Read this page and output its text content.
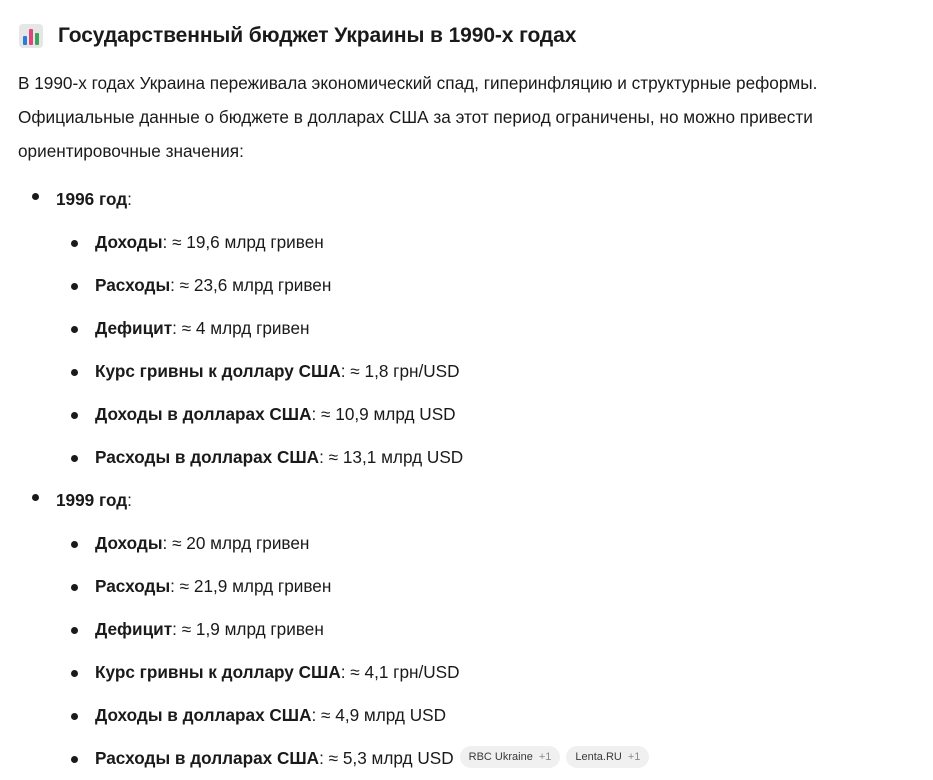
Государственный бюджет Украины в 1990-х годах

В 1990-х годах Украина переживала экономический спад, гиперинфляцию и структурные реформы.
Официальные данные о бюджете в долларах США за этот период ограничены, но можно привести
ориентировочные значения:

1996 год:
Доходы: ≈ 19,6 млрд гривен
Расходы: ≈ 23,6 млрд гривен
Дефицит: ≈ 4 млрд гривен
Курс гривны к доллару США: ≈ 1,8 грн/USD
Доходы в долларах США: ≈ 10,9 млрд USD
Расходы в долларах США: ≈ 13,1 млрд USD
1999 год:
Доходы: ≈ 20 млрд гривен
Расходы: ≈ 21,9 млрд гривен
Дефицит: ≈ 1,9 млрд гривен
Курс гривны к доллару США: ≈ 4,1 грн/USD
Доходы в долларах США: ≈ 4,9 млрд USD
Расходы в долларах США: ≈ 5,3 млрд USD RBC Ukraine +1 Lenta.RU +1
